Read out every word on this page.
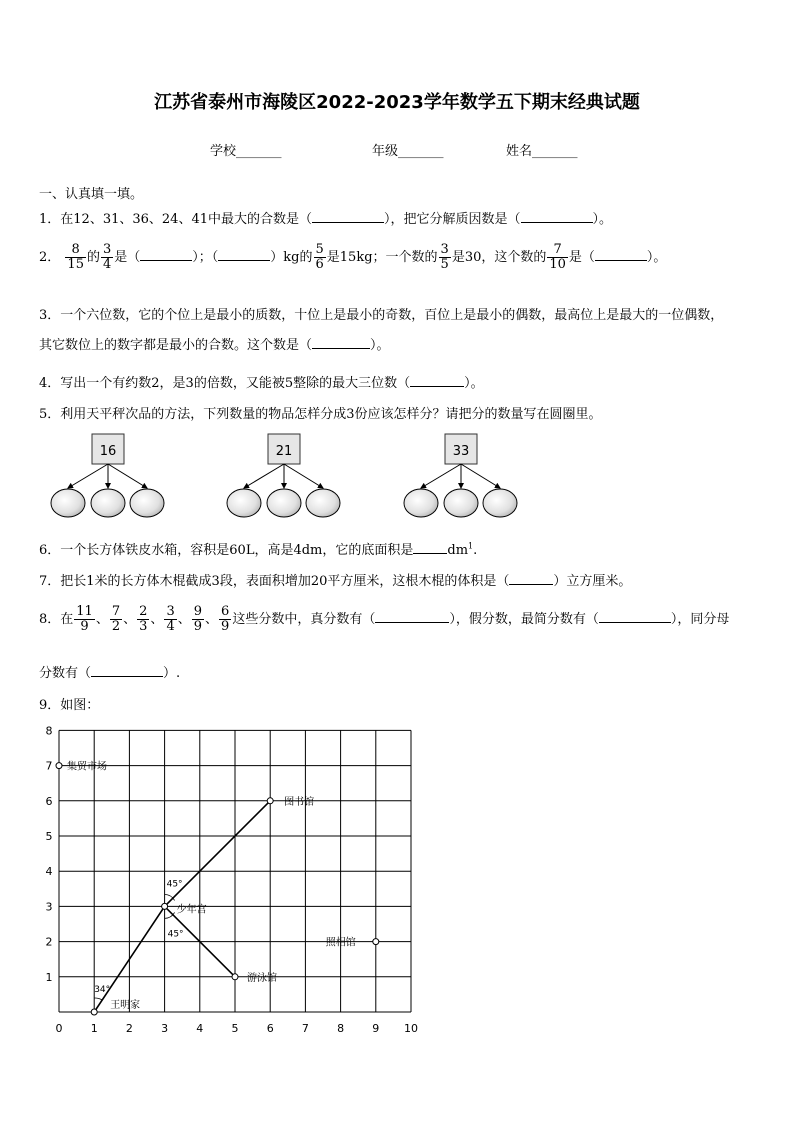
江苏省泰州市海陵区2022-2023学年数学五下期末经典试题
学校_______	年级_______	姓名_______
一、认真填一填。
1．在12、31、36、24、41中最大的合数是（	），把它分解质因数是（	）。
2． $\frac{8}{15}$ 的 $\frac{3}{4}$ 是（	）；（	）kg的 $\frac{5}{6}$ 是15kg；一个数的 $\frac{3}{5}$ 是30，这个数的 $\frac{7}{10}$ 是（	）。
3．一个六位数，它的个位上是最小的质数，十位上是最小的奇数，百位上是最小的偶数，最高位上是最大的一位偶数，
其它数位上的数字都是最小的合数。这个数是（	）。
4．写出一个有约数2，是3的倍数，又能被5整除的最大三位数（	）。
5．利用天平秤次品的方法，下列数量的物品怎样分成3份应该怎样分？请把分的数量写在圆圈里。
16	21	33
6．一个长方体铁皮水箱，容积是60L，高是4dm，它的底面积是	$dm^1$.
7．把长1米的长方体木棍截成3段，表面积增加20平方厘米，这根木棍的体积是（	）立方厘米。
8．在 $\frac{11}{9}$ 、 $\frac{7}{2}$ 、 $\frac{2}{3}$ 、 $\frac{3}{4}$ 、 $\frac{9}{9}$ 、 $\frac{6}{9}$ 这些分数中，真分数有（	），假分数，最简分数有（	），同分母
分数有（	）.
9．如图：
0	1	2	3	4	5	6	7	8	9 10
1
2
3
4
5
6
7
8
集贸市场
图书馆
少年宫
照相馆
游泳馆
王明家
45°
45°
34°
